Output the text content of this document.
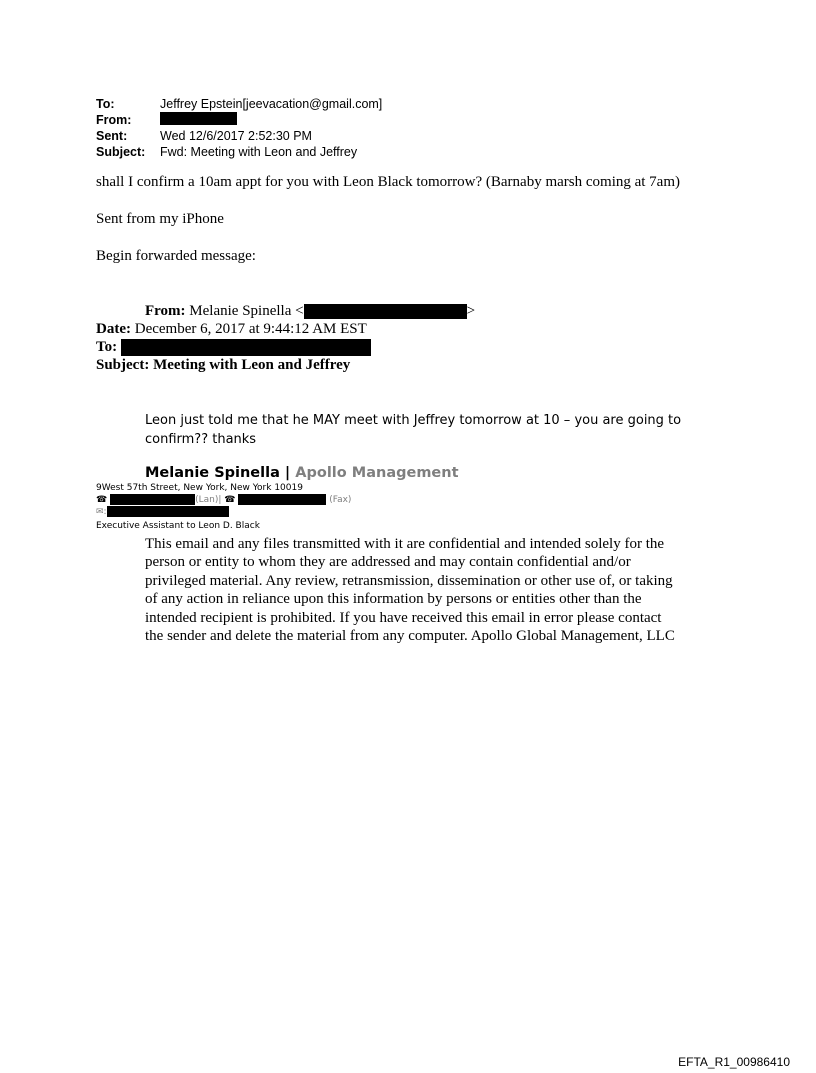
To:	Jeffrey Epstein[jeevacation@gmail.com]
From:
Sent:	Wed 12/6/2017 2:52:30 PM
Subject:	Fwd: Meeting with Leon and Jeffrey
shall I confirm a 10am appt for you with Leon Black tomorrow? (Barnaby marsh coming at 7am)
Sent from my iPhone
Begin forwarded message:
From: Melanie Spinella <	>
Date: December 6, 2017 at 9:44:12 AM EST
To:
Subject: Meeting with Leon and Jeffrey
Leon just told me that he MAY meet with Jeffrey tomorrow at 10 – you are going to confirm?? thanks
Melanie Spinella | Apollo Management
9West 57th Street, New York, New York 10019
☎	(Lan)| ☎	(Fax)
✉:
Executive Assistant to Leon D. Black
This email and any files transmitted with it are confidential and intended solely for the person or entity to whom they are addressed and may contain confidential and/or privileged material. Any review, retransmission, dissemination or other use of, or taking of any action in reliance upon this information by persons or entities other than the intended recipient is prohibited. If you have received this email in error please contact the sender and delete the material from any computer. Apollo Global Management, LLC
EFTA_R1_00986410
